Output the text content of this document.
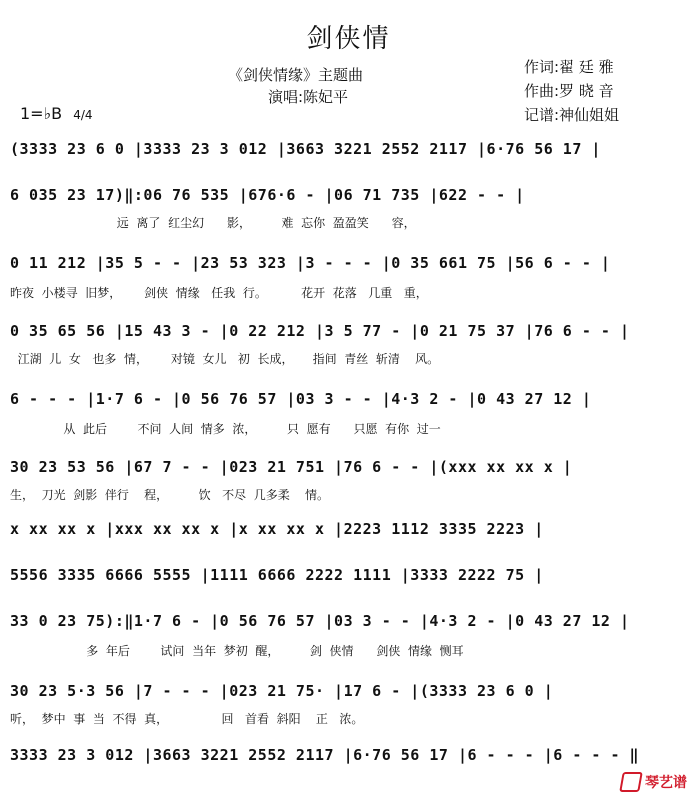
剑侠情
《剑侠情缘》主题曲
演唱:陈妃平
作词:翟 廷 雅
作曲:罗 晓 音
记谱:神仙姐姐
1=♭B 4/4
(3333 23 6 0 |3333 23 3 012 |3663 3221 2552 2117 |6·76 56 17 |
6 035 23 17)‖:06 76 535 |676·6 - |06 71 735 |622 - - |
远  离了  红尘幻      影，        难  忘你  盈盈笑      容，
0 11 212 |35 5 - - |23 53 323 |3 - - - |0 35 661 75 |56 6 - - |
昨夜  小楼寻  旧梦，      剑侠  情缘   任我  行。         花开  花落   几重   重，
0 35 65 56 |15 43 3 - |0 22 212 |3 5 77 - |0 21 75 37 |76 6 - - |
江湖  儿  女   也多  情，      对镜  女儿   初  长成，     指间  青丝  斩清    风。
6 - - - |1·7 6 - |0 56 76 57 |03 3 - - |4·3 2 - |0 43 27 12 |
从  此后        不问  人间  情多  浓，        只  愿有      只愿  有你  过一
30 23 53 56 |67 7 - - |023 21 751 |76 6 - - |(xxx xx xx x |
生，  刀光  剑影  伴行    程，        饮   不尽  几多柔    情。
x xx xx x |xxx xx xx x |x xx xx x |2223 1112 3335 2223 |
5556 3335 6666 5555 |1111 6666 2222 1111 |3333 2222 75 |
33 0 23 75):‖1·7 6 - |0 56 76 57 |03 3 - - |4·3 2 - |0 43 27 12 |
多  年后        试问  当年  梦初  醒，        剑  侠情      剑侠  情缘  恻耳
30 23 5·3 56 |7 - - - |023 21 75· |17 6 - |(3333 23 6 0 |
听，  梦中  事  当  不得  真，              回   首看  斜阳    正   浓。
3333 23 3 012 |3663 3221 2552 2117 |6·76 56 17 |6 - - - |6 - - - ‖
琴艺谱
